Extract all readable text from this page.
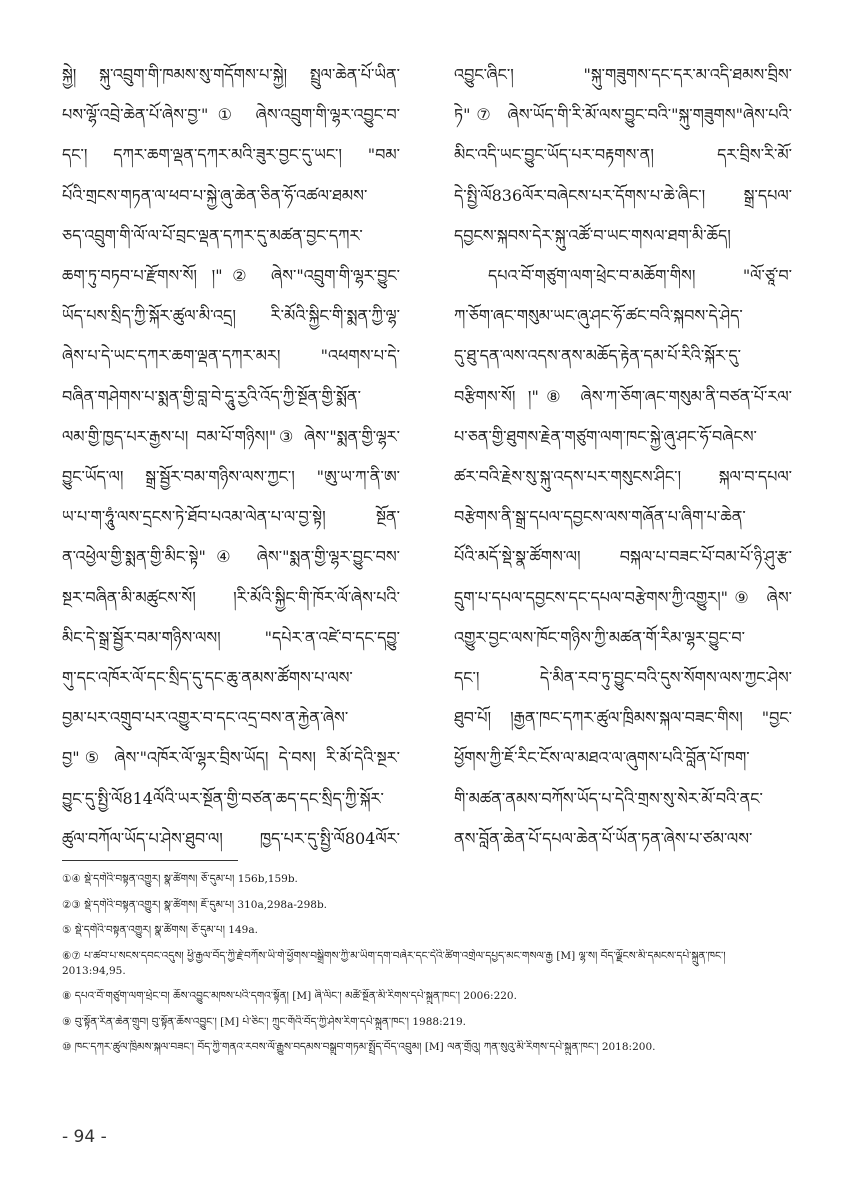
སྐྱེ། སྐུ་འབྲུག་གི་ཁམས་སུ་གདོགས་པ་སྐྱེ། སྤྲུལ་ཆེན་པོ་ཡིན་

པས་ལྷོ་འབྲེ་ཆེན་པོ་ཞེས་བྱ་"① ཞེས་འབྲུག་གི་ལྷར་འབྱུང་བ་

དང་། དཀར་ཆག་ལྡན་དཀར་མའི་ཟུར་བྱང་དུ་ཡང་། "བམ་

པོའི་གྲངས་གཏན་ལ་ཕབ་པ་སྐྱེ་ཞུ་ཆེན་ཅིན་ཧོ་འཚལ་ཐམས་

ཅད་འབྲུག་གི་ལོ་ལ་པོ་བྲང་ལྡན་དཀར་དུ་མཚན་བྱང་དཀར་

ཆག་ཏུ་བཏབ་པ་རྫོགས་སོ། །"② ཞེས་"འབྲུག་གི་ལྷར་བྱུང་

ཡོད་པས་སྲིད་ཀྱི་སྐོར་ཚུལ་མི་འདྲ། རི་མོའི་སྐྱིང་གི་སྨན་ཀྱི་ལྷ་

ཞེས་པ་དེ་ཡང་དཀར་ཆག་ལྡན་དཀར་མར། "འཕགས་པ་དེ་

བཞིན་གཤེགས་པ་སྨན་གྱི་བླ་བེ་དཱུ་རྱའི་འོད་ཀྱི་སྔོན་གྱི་སྨོན་

ལམ་གྱི་ཁྱད་པར་རྒྱས་པ། བམ་པོ་གཉིས།"③ ཞེས་"སྨན་གྱི་ལྷར་

བྱུང་ཡོད་ལ། སྒྲ་སྦྱོར་བམ་གཉིས་ལས་ཀྱང་། "ཨུ་ཡ་ཀ་ནི་ཨ་

ཡ་པ་ག་ཧཱུཾ་ལས་དྲངས་ཏེ་ཐོབ་པའམ་ལེན་པ་ལ་བྱ་སྟེ། སྔོན་

ན་འཕྱེལ་གྱི་སྨན་གྱི་མིང་སྟེ"④ ཞེས་"སྨན་གྱི་ལྷར་བྱུང་བས་

སྔར་བཞིན་མི་མཚུངས་སོ། །རི་མོའི་སྐྱིང་གི་ཁོར་ལོ་ཞེས་པའི་

མིང་དེ་སྒྲ་སྦྱོར་བམ་གཉིས་ལས། "དཔེར་ན་འཛེ་བ་དང་དབྱུ་

གུ་དང་འཁོར་ལོ་དང་སྲིད་དུ་དང་ཆུ་ནམས་ཚོགས་པ་ལས་

བྱམ་པར་འགྲུབ་པར་འགྱུར་བ་དང་འདྲ་བས་ན་རྐྱེན་ཞེས་

བྱ"⑤ ཞེས་"འཁོར་ལོ་ལྷར་བྲིས་ཡོད། དེ་བས། རི་མོ་དེའི་སྔར་

བྱུང་དུ་སྤྱི་ལོ814ལོའི་ཡར་སྔོན་གྱི་བཙན་ཆད་དང་སྲིད་ཀྱི་སྐོར་

ཚུལ་བཀོལ་ཡོད་པ་ཤེས་ཐུབ་ལ། ཁྱད་པར་དུ་སྤྱི་ལོ804ལོར་

འབྱུང་ཞིང་། "སྐུ་གཟུགས་དང་དར་མ་འདི་ཐམས་བྲིས་

ཏེ"⑦ ཞེས་ཡོད་གི་རི་མོ་ལས་བྱུང་བའི་"སྐུ་གཟུགས"ཞེས་པའི་

མིང་འདི་ཡང་བྱུང་ཡོད་པར་བརྟགས་ན། དར་བྲིས་རི་མོ་

དེ་སྤྱི་ལོ836ལོར་བཞེངས་པར་དོགས་པ་ཆེ་ཞིང་། སྒྲ་དཔལ་

དབྱངས་སྐབས་དེར་སྐུ་འཚོ་བ་ཡང་གསལ་ཐག་མི་ཆོད།

དཔའ་བོ་གཙུག་ལག་ཕྲེང་བ་མཆོག་གིས། "ལོ་ཙཱ་བ་

ཀ་ཅོག་ཞང་གསུམ་ཡང་ཞུ་ཤང་ཧོ་ཚང་བའི་སྐབས་དེ་ཤེད་

དུ་ཐུ་དན་ལས་འདས་ནས་མཆོད་རྟེན་དམ་པོ་རིའི་སྐོར་དུ་

བརྩིགས་སོ། །"⑧ ཞེས་ཀ་ཅོག་ཞང་གསུམ་ནི་བཙན་པོ་རལ་

པ་ཅན་གྱི་ཐུགས་རྗེན་གཙུག་ལག་ཁང་སྐྱེ་ཞུ་ཤང་ཧོ་བཞེངས་

ཚར་བའི་རྗེས་སུ་སྐུ་འདས་པར་གསུངས་ཤིང་། སྐལ་བ་དཔལ་

བརྩེགས་ནི་སྒྲ་དཔལ་དབྱངས་ལས་གཞོན་པ་ཞིག་པ་ཆེན་

པོའི་མདོ་སྡེ་སྣ་ཚོགས་ལ། བསྐལ་པ་བཟང་པོ་བམ་པོ་ཉི་ཤུ་རྩ་

དྲུག་པ་དཔལ་དབྱངས་དང་དཔལ་བརྩེགས་ཀྱི་འགྱུར།"⑨ ཞེས་

འགྱུར་བྱང་ལས་ཁོང་གཉིས་ཀྱི་མཚན་གོ་རིམ་ལྷར་བྱུང་བ་

དང་། དེ་མིན་རབ་ཏུ་བྱུང་བའི་དུས་སོགས་ལས་ཀྱང་ཤེས་

ཐུབ་པོ། །རྒྱན་ཁང་དཀར་ཚུལ་ཁྲིམས་སྐལ་བཟང་གིས། "བྱང་

ཕྱོགས་ཀྱི་ཇོ་རིང་ངོས་ལ་མཐའ་ལ་ཞུགས་པའི་བློན་པོ་ཁག་

གི་མཚན་ནམས་བཀོས་ཡོད་པ་དེའི་གྲས་སུ་སེར་མོ་བའི་ནང་

ནས་བློན་ཆེན་པོ་དཔལ་ཆེན་པོ་ཡོན་ཏན་ཞེས་པ་ཙམ་ལས་

①④ སྡེ་དགེའི་བསྟན་འགྱུར། སྣ་ཚོགས། ཅོ་དུམ་པ། 156b,159b.
②③ སྡེ་དགེའི་བསྟན་འགྱུར། སྣ་ཚོགས། ཇོ་དུམ་པ། 310a,298a-298b.
⑤ སྡེ་དགེའི་བསྟན་འགྱུར། སྣ་ཚོགས། ཅོ་དུམ་པ། 149a.
⑥⑦ པ་ཚབ་པ་སངས་དབང་འདུས། ཕྱི་རྒྱལ་བོད་ཀྱི་རྗེ་བཀོས་ཡི་གེ་ཕྱོགས་བསྒྲིགས་ཀྱི་མ་ཡིག་དག་བཞེར་དང་དེའི་ཚིག་འགྲེལ་དཔྱད་མང་གསལ་རྒྱ [M] ལྷ་ས། བོད་ལྗོངས་མི་དམངས་དཔེ་སྐྲུན་ཁང་། 2013:94,95.
⑧ དཔའ་བོ་གཙུག་ལག་ཕྲེང་བ། ཆོས་འབྱུང་མཁས་པའི་དགའ་སྟོན། [M] ཞི་ལིང་། མཚོ་སྔོན་མི་རིགས་དཔེ་སྐྲུན་ཁང་། 2006:220.
⑨ བུ་སྟོན་རིན་ཆེན་གྲུབ། བུ་སྟོན་ཆོས་འབྱུང་། [M] པེ་ཅིང་། ཀྲུང་གོའི་བོད་ཀྱི་ཤེས་རིག་དཔེ་སྐྲུན་ཁང་། 1988:219.
⑩ ཁང་དཀར་ཚུལ་ཁྲིམས་སྐལ་བཟང་། བོད་ཀྱི་གནའ་རབས་ལོ་རྒྱུས་བདམས་བསྒྲུབ་གཏམ་སྤྲོད་བོད་འབྲུམ། [M] ལན་གྲོའུ། ཀན་སུའུ་མི་རིགས་དཔེ་སྐྲུན་ཁང་། 2018:200.
- 94 -
